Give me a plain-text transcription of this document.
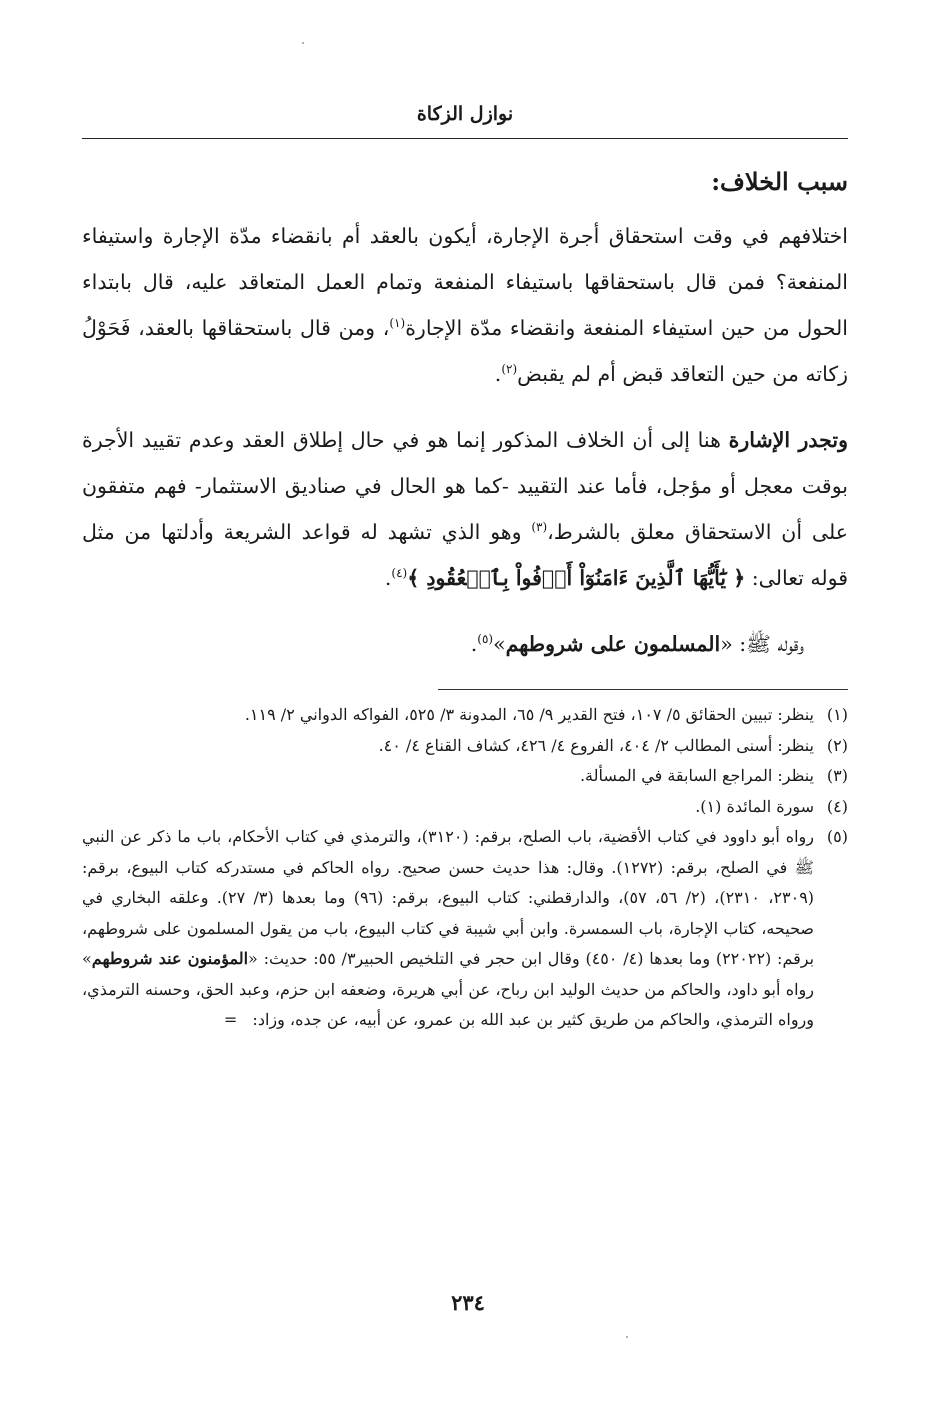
نوازل الزكاة
سبب الخلاف:

اختلافهم في وقت استحقاق أجرة الإجارة، أيكون بالعقد أم بانقضاء مدّة الإجارة واستيفاء المنفعة؟ فمن قال باستحقاقها باستيفاء المنفعة وتمام العمل المتعاقد عليه، قال بابتداء الحول من حين استيفاء المنفعة وانقضاء مدّة الإجارة$^{(١)}$، ومن قال باستحقاقها بالعقد، فَحَوْلُ زكاته من حين التعاقد قبض أم لم يقبض$^{(٢)}$.

وتجدر الإشارة هنا إلى أن الخلاف المذكور إنما هو في حال إطلاق العقد وعدم تقييد الأجرة بوقت معجل أو مؤجل، فأما عند التقييد -كما هو الحال في صناديق الاستثمار- فهم متفقون على أن الاستحقاق معلق بالشرط،$^{(٣)}$ وهو الذي تشهد له قواعد الشريعة وأدلتها من مثل قوله تعالى: ﴿ يَٰٓأَيُّهَا ٱلَّذِينَ ءَامَنُوٓاْ أَوۡفُواْ بِٱلۡعُقُودِ ﴾$^{(٤)}$.

وقوله ﷺ: «المسلمون على شروطهم»$^{(٥)}$.

(١)
ينظر: تبيين الحقائق ٥/ ١٠٧، فتح القدير ٩/ ٦٥، المدونة ٣/ ٥٢٥، الفواكه الدواني ٢/ ١١٩.
(٢)
ينظر: أسنى المطالب ٢/ ٤٠٤، الفروع ٤/ ٤٢٦، كشاف القناع ٤/ ٤٠.
(٣)
ينظر: المراجع السابقة في المسألة.
(٤)
سورة المائدة (١).
(٥)
رواه أبو داوود في كتاب الأقضية، باب الصلح، برقم: (٣١٢٠)، والترمذي في كتاب الأحكام، باب ما ذكر عن النبي ﷺ في الصلح، برقم: (١٢٧٢). وقال: هذا حديث حسن صحيح. رواه الحاكم في مستدركه كتاب البيوع، برقم: (٢٣٠٩، ٢٣١٠)، (٢/ ٥٦، ٥٧)، والدارقطني: كتاب البيوع، برقم: (٩٦) وما بعدها (٣/ ٢٧). وعلقه البخاري في صحيحه، كتاب الإجارة، باب السمسرة. وابن أبي شيبة في كتاب البيوع، باب من يقول المسلمون على شروطهم، برقم: (٢٢٠٢٢) وما بعدها (٤/ ٤٥٠) وقال ابن حجر في التلخيص الحبير٣/ ٥٥: حديث: «المؤمنون عند شروطهم» رواه أبو داود، والحاكم من حديث الوليد ابن رباح، عن أبي هريرة، وضعفه ابن حزم، وعبد الحق، وحسنه الترمذي، ورواه الترمذي، والحاكم من طريق كثير بن عبد الله بن عمرو، عن أبيه، عن جده، وزاد: =
٢٣٤
